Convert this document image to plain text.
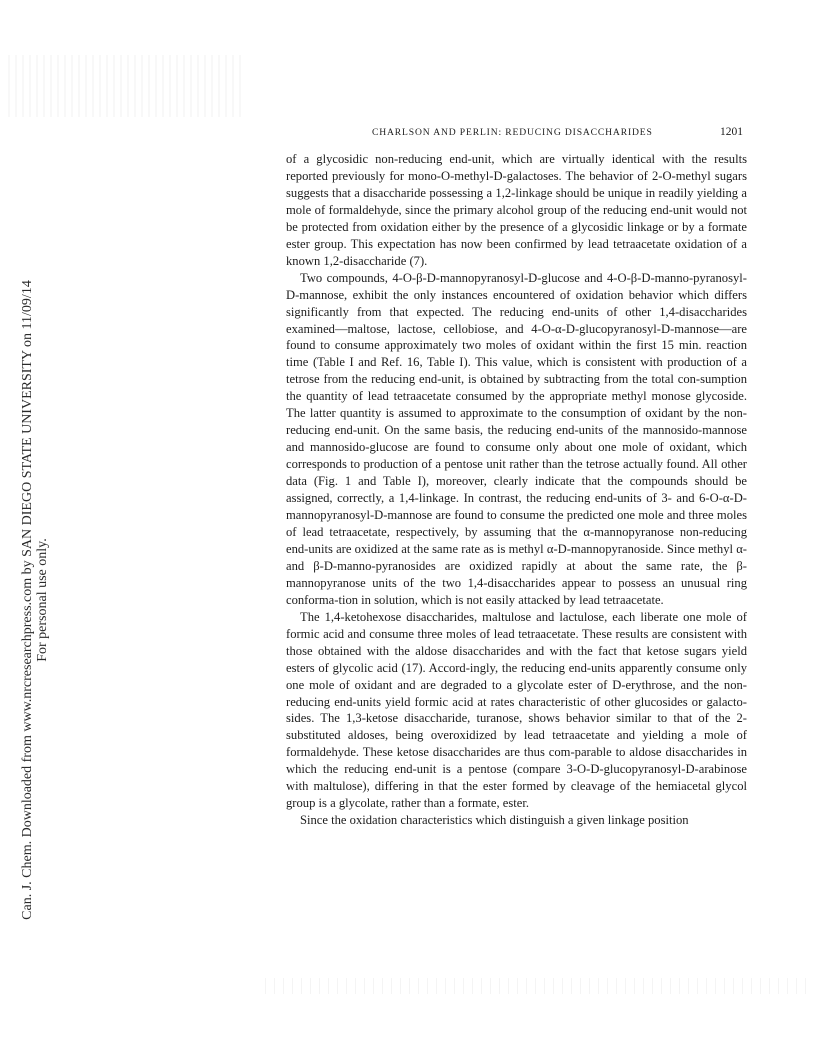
Can. J. Chem. Downloaded from www.nrcresearchpress.com by SAN DIEGO STATE UNIVERSITY on 11/09/14 For personal use only.
CHARLSON AND PERLIN: REDUCING DISACCHARIDES	1201

of a glycosidic non-reducing end-unit, which are virtually identical with the results reported previously for mono-O-methyl-D-galactoses. The behavior of 2-O-methyl sugars suggests that a disaccharide possessing a 1,2-linkage should be unique in readily yielding a mole of formaldehyde, since the primary alcohol group of the reducing end-unit would not be protected from oxidation either by the presence of a glycosidic linkage or by a formate ester group. This expectation has now been confirmed by lead tetraacetate oxidation of a known 1,2-disaccharide (7).

Two compounds, 4-O-β-D-mannopyranosyl-D-glucose and 4-O-β-D-manno-pyranosyl-D-mannose, exhibit the only instances encountered of oxidation behavior which differs significantly from that expected. The reducing end-units of other 1,4-disaccharides examined—maltose, lactose, cellobiose, and 4-O-α-D-glucopyranosyl-D-mannose—are found to consume approximately two moles of oxidant within the first 15 min. reaction time (Table I and Ref. 16, Table I). This value, which is consistent with production of a tetrose from the reducing end-unit, is obtained by subtracting from the total con-sumption the quantity of lead tetraacetate consumed by the appropriate methyl monose glycoside. The latter quantity is assumed to approximate to the consumption of oxidant by the non-reducing end-unit. On the same basis, the reducing end-units of the mannosido-mannose and mannosido-glucose are found to consume only about one mole of oxidant, which corresponds to production of a pentose unit rather than the tetrose actually found. All other data (Fig. 1 and Table I), moreover, clearly indicate that the compounds should be assigned, correctly, a 1,4-linkage. In contrast, the reducing end-units of 3- and 6-O-α-D-mannopyranosyl-D-mannose are found to consume the predicted one mole and three moles of lead tetraacetate, respectively, by assuming that the α-mannopyranose non-reducing end-units are oxidized at the same rate as is methyl α-D-mannopyranoside. Since methyl α- and β-D-manno-pyranosides are oxidized rapidly at about the same rate, the β-mannopyranose units of the two 1,4-disaccharides appear to possess an unusual ring conforma-tion in solution, which is not easily attacked by lead tetraacetate.

The 1,4-ketohexose disaccharides, maltulose and lactulose, each liberate one mole of formic acid and consume three moles of lead tetraacetate. These results are consistent with those obtained with the aldose disaccharides and with the fact that ketose sugars yield esters of glycolic acid (17). Accord-ingly, the reducing end-units apparently consume only one mole of oxidant and are degraded to a glycolate ester of D-erythrose, and the non-reducing end-units yield formic acid at rates characteristic of other glucosides or galacto-sides. The 1,3-ketose disaccharide, turanose, shows behavior similar to that of the 2-substituted aldoses, being overoxidized by lead tetraacetate and yielding a mole of formaldehyde. These ketose disaccharides are thus com-parable to aldose disaccharides in which the reducing end-unit is a pentose (compare 3-O-D-glucopyranosyl-D-arabinose with maltulose), differing in that the ester formed by cleavage of the hemiacetal glycol group is a glycolate, rather than a formate, ester.

Since the oxidation characteristics which distinguish a given linkage position
